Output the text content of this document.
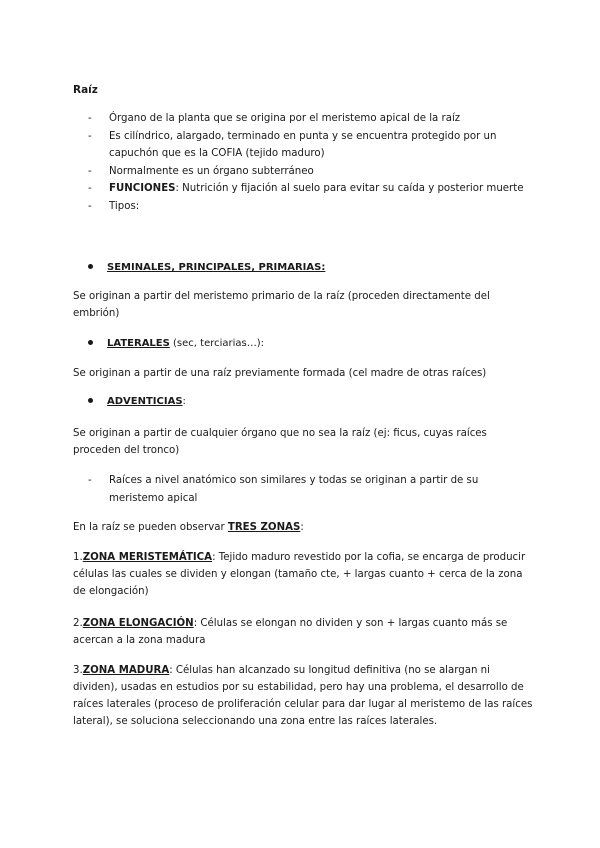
Raíz
- Órgano de la planta que se origina por el meristemo apical de la raíz
- Es cilíndrico, alargado, terminado en punta y se encuentra protegido por un capuchón que es la COFIA (tejido maduro)
- Normalmente es un órgano subterráneo
- FUNCIONES: Nutrición y fijación al suelo para evitar su caída y posterior muerte
- Tipos:
SEMINALES, PRINCIPALES, PRIMARIAS:
Se originan a partir del meristemo primario de la raíz (proceden directamente del embrión)
LATERALES (sec, terciarias…):
Se originan a partir de una raíz previamente formada (cel madre de otras raíces)
ADVENTICIAS:
Se originan a partir de cualquier órgano que no sea la raíz (ej: ficus, cuyas raíces proceden del tronco)
- Raíces a nivel anatómico son similares y todas se originan a partir de su meristemo apical
En la raíz se pueden observar TRES ZONAS:
1.ZONA MERISTEMÁTICA: Tejido maduro revestido por la cofia, se encarga de producir células las cuales se dividen y elongan (tamaño cte, + largas cuanto + cerca de la zona de elongación)
2.ZONA ELONGACIÓN: Células se elongan no dividen y son + largas cuanto más se acercan a la zona madura
3.ZONA MADURA: Células han alcanzado su longitud definitiva (no se alargan ni dividen), usadas en estudios por su estabilidad, pero hay una problema, el desarrollo de raíces laterales (proceso de proliferación celular para dar lugar al meristemo de las raíces lateral), se soluciona seleccionando una zona entre las raíces laterales.
